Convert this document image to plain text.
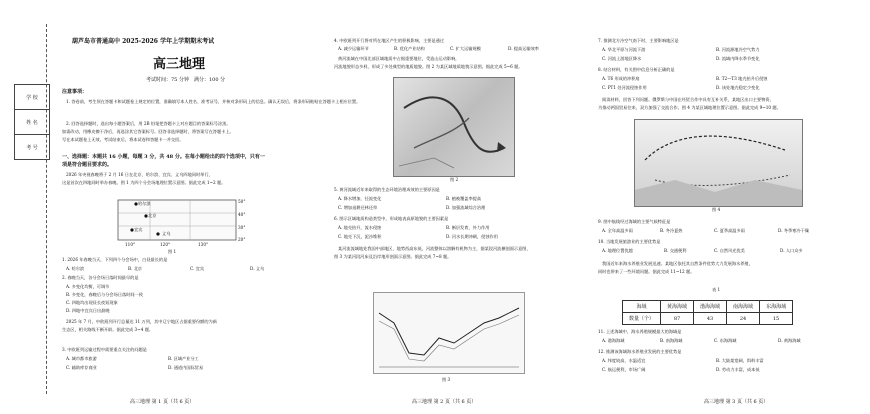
学 校
姓 名
考 号
葫芦岛市普通高中 2025-2026 学年上学期期末考试
高三地理
考试时间：75 分钟　满分：100 分
注意事项：
1. 答卷前，考生须在答题卡和试题卷上规定的位置，准确填写本人姓名、准考证号，并核对条形码上的信息。确认无误后，将条形码粘贴在答题卡上相应位置。
2. 回答选择题时，选出每小题答案后，用 2B 铅笔把答题卡上对应题目的答案标号涂黑。
如需改动，用橡皮擦干净后，再选涂其它答案标号。回答非选择题时，将答案写在答题卡上。
写在本试题卷上无效。考试结束后，将本试卷和答题卡一并交回。
一、选择题：本题共 16 小题，每题 3 分，共 48 分。在每小题给出的四个选项中，只有一
项是符合题目要求的。
2026 年央视春晚将于 2 月 16 日在北京、哈尔滨、宜宾、义乌四地同时举行，
这是首次在四地同时举办春晚。图 1 为四个分会场地理位置示意图。据此完成 1~2 题。
哈尔滨
北京
宜宾
义乌
50°
40°
30°
20°
110°	120°	130°
图 1
1. 2026 年春晚当天，下列四个分会场中，白昼最长的是
A. 哈尔滨	B. 北京	C. 宜宾	D. 义乌
2. 春晚当天，各分会场日落时间最早的是
A. 多变化均衡，可调节
B. 多变化，春晚后与分会场日落时间一致
C. 四地均出现昼长夜短现象
D. 四地中宜宾日出最晚
2025 年 7 月，中欧班列开行总量达 11 万列，其中辽宁地区占据重要份额的为新
生态区，相关路线不断开辟。据此完成 3~4 题。
3. 中欧班列运输过程中需要重点关注的问题是
A. 城市都市旅游	B. 区域产业分工
C. 辅助库存商业	D. 通道内国际贸易
高三地理 第 1 页（共 6 页）
4. 中欧班列开行将对所在地区产生的积极影响，主要是通过
A. 减少运输环节	B. 优化产业结构	C. 扩大运输规模	D. 提高运输效率
黄河流域在中国北部区域地质中占据重要地位，受造山运动影响，
河流地貌形态多样，形成了多处典型的地质地貌。图 2 为某区域地质地貌示意图。据此完成 5~6 题。
图 2
5. 黄河流域近年来取得的生态环境治理成效的主要原因是
A. 降水增加，径流变化	B. 植被覆盖率提高
C. 增加退耕还林还草	D. 加强流域综合治理
6. 图示区域地质构造类型中，形成地表高原地貌的主要因素是
A. 地壳抬升，流水侵蚀	B. 断层发育，外力作用
C. 地壳下沉，泥沙堆积	D. 河水长期冲刷，侵蚀作用
某河流流域地处我国中部地区，地势西高东低，河流整体以溶解有机物为主，据某段河流横剖面示意图，
图 3 为某河段河床及沿岸地形剖面示意图。据此完成 7~8 题。
图 3
高三地理 第 2 页（共 6 页）
7. 推测北方冷空气南下时，主要影响地区是
A. 华北平原与河流下游	B. 河流源地冷空气势力
C. 河流上游地区降水	D. 流域内降水季节变化
8. 结合材料，有关图中信息分析正确的是
A. T6 形成的冲积扇	B. T2—T3 地壳抬升后侵蚀
C. PT1 处河流侵蚀作用	D. 该处地壳稳定少变化
阅读材料，回答下列问题。俄罗斯与中国在经贸合作中具有互补关系，某地区出口主要物资，
为推动两国贸易往来，双方加强了交流合作。图 4 为某区域地理位置示意图。据此完成 9~10 题。
图 4
9. 图中航线经过海域的主要气候特征是
A. 全年高温多雨	B. 冬冷夏热	C. 夏季高温多雨	D. 冬季寒冷干燥
10. 当地发展旅游业的主要优势是
A. 地理位置优越	B. 交通便利	C. 自然风光优美	D. 人口众多
我国近年来海水养殖业发展迅速。某地区依托其自然条件优势大力发展海水养殖，
同时也带来了一些环境问题。据此完成 11~12 题。
表 1
海域	黄海海域	渤海海域	南海海域	东海海域
数量（个）	87	43	24	15
11. 上述海域中，海水养殖规模最大的海域是
A. 渤海海域	B. 南海海域	C. 东海海域	D. 黄海海域
12. 推测该海域海水养殖业发展的主要优势是
A. 纬度较高，水温适宜	B. 大陆架宽阔，饵料丰富
C. 航运便利，市场广阔	D. 劳动力丰富，成本低
高三地理 第 3 页（共 6 页）
